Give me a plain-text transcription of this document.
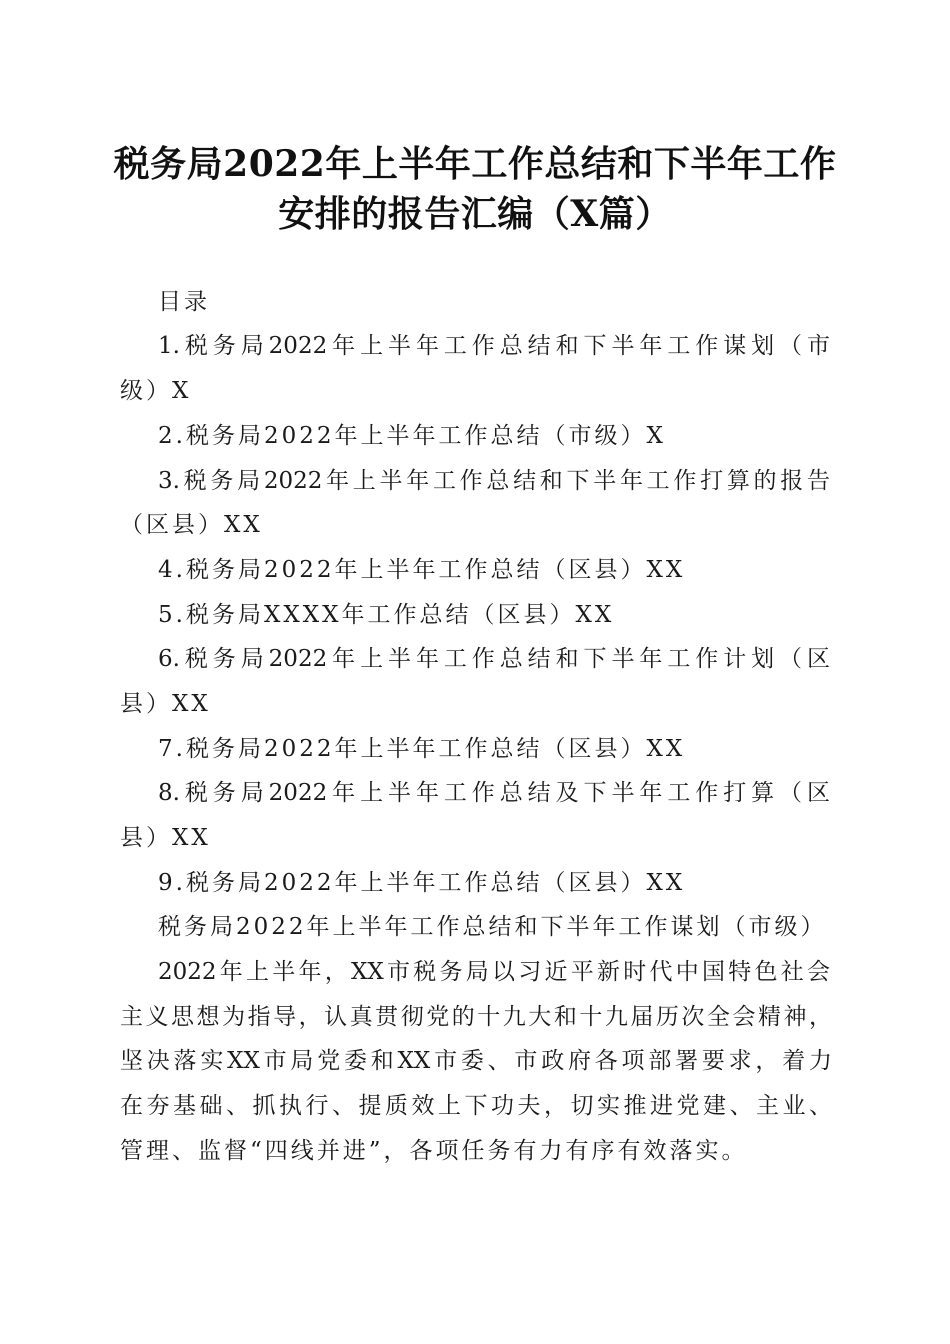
税务局2022年上半年工作总结和下半年工作
安排的报告汇编（X篇）

目录

1.税务局2022年上半年工作总结和下半年工作谋划（市

级）X

2.税务局2022年上半年工作总结（市级）X

3.税务局2022年上半年工作总结和下半年工作打算的报告

（区县）XX

4.税务局2022年上半年工作总结（区县）XX

5.税务局XXXX年工作总结（区县）XX

6.税务局2022年上半年工作总结和下半年工作计划（区

县）XX

7.税务局2022年上半年工作总结（区县）XX

8.税务局2022年上半年工作总结及下半年工作打算（区

县）XX

9.税务局2022年上半年工作总结（区县）XX

税务局2022年上半年工作总结和下半年工作谋划（市级）

2022年上半年，XX市税务局以习近平新时代中国特色社会

主义思想为指导，认真贯彻党的十九大和十九届历次全会精神，

坚决落实XX市局党委和XX市委、市政府各项部署要求，着力

在夯基础、抓执行、提质效上下功夫，切实推进党建、主业、

管理、监督“四线并进”，各项任务有力有序有效落实。
